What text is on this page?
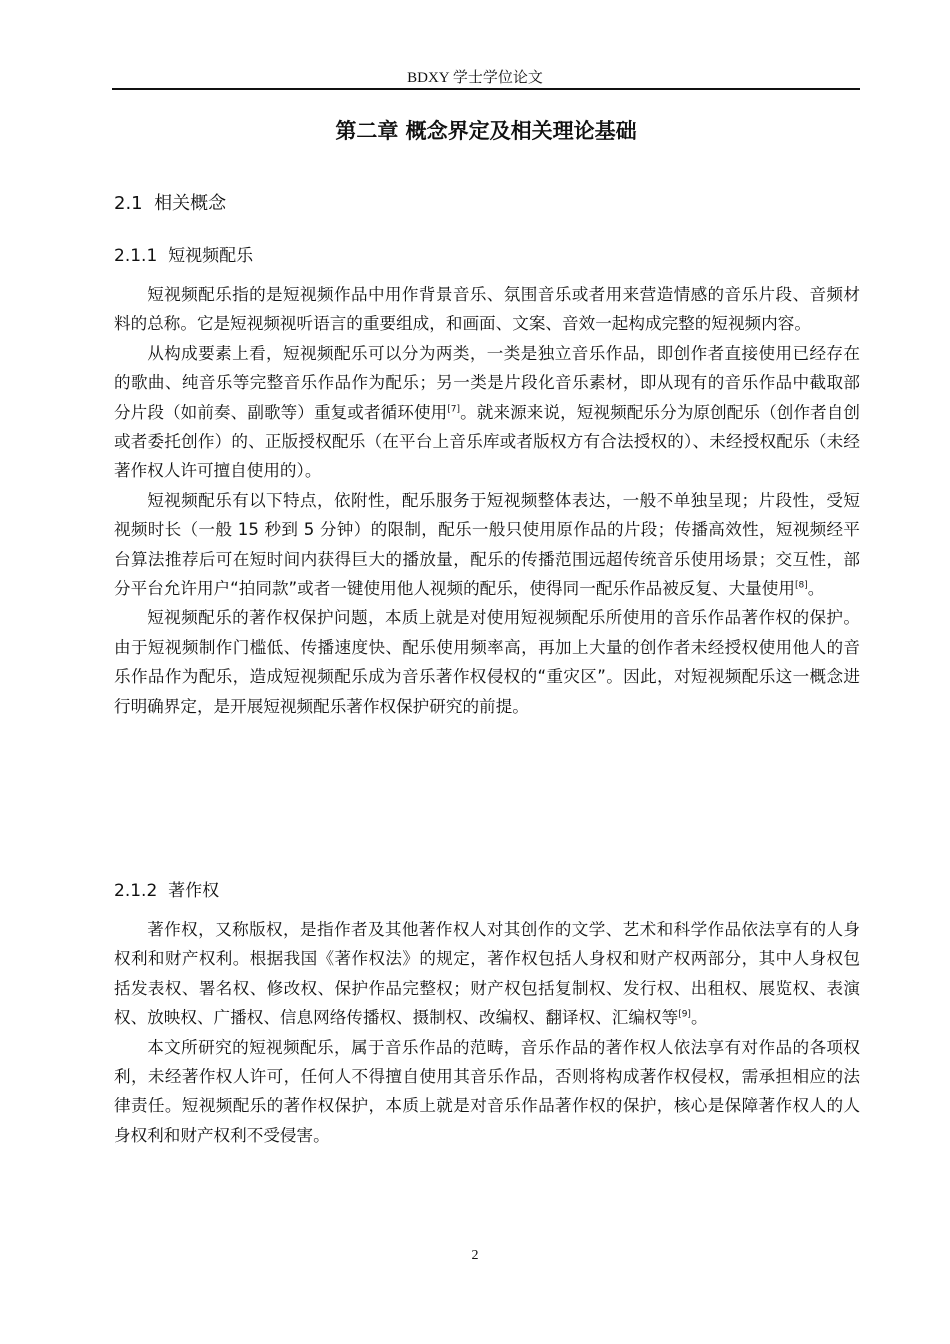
BDXY 学士学位论文
第二章 概念界定及相关理论基础
2.1 相关概念
2.1.1 短视频配乐

短视频配乐指的是短视频作品中用作背景音乐、氛围音乐或者用来营造情感的音乐片段、音频材料的总称。它是短视频视听语言的重要组成，和画面、文案、音效一起构成完整的短视频内容。

从构成要素上看，短视频配乐可以分为两类，一类是独立音乐作品，即创作者直接使用已经存在的歌曲、纯音乐等完整音乐作品作为配乐；另一类是片段化音乐素材，即从现有的音乐作品中截取部分片段（如前奏、副歌等）重复或者循环使用[7]。就来源来说，短视频配乐分为原创配乐（创作者自创或者委托创作）的、正版授权配乐（在平台上音乐库或者版权方有合法授权的）、未经授权配乐（未经著作权人许可擅自使用的）。

短视频配乐有以下特点，依附性，配乐服务于短视频整体表达，一般不单独呈现；片段性，受短视频时长（一般 15 秒到 5 分钟）的限制，配乐一般只使用原作品的片段；传播高效性，短视频经平台算法推荐后可在短时间内获得巨大的播放量，配乐的传播范围远超传统音乐使用场景；交互性，部分平台允许用户“拍同款”或者一键使用他人视频的配乐，使得同一配乐作品被反复、大量使用[8]。

短视频配乐的著作权保护问题，本质上就是对使用短视频配乐所使用的音乐作品著作权的保护。由于短视频制作门槛低、传播速度快、配乐使用频率高，再加上大量的创作者未经授权使用他人的音乐作品作为配乐，造成短视频配乐成为音乐著作权侵权的“重灾区”。因此，对短视频配乐这一概念进行明确界定，是开展短视频配乐著作权保护研究的前提。

2.1.2 著作权

著作权，又称版权，是指作者及其他著作权人对其创作的文学、艺术和科学作品依法享有的人身权利和财产权利。根据我国《著作权法》的规定，著作权包括人身权和财产权两部分，其中人身权包括发表权、署名权、修改权、保护作品完整权；财产权包括复制权、发行权、出租权、展览权、表演权、放映权、广播权、信息网络传播权、摄制权、改编权、翻译权、汇编权等[9]。

本文所研究的短视频配乐，属于音乐作品的范畴，音乐作品的著作权人依法享有对作品的各项权利，未经著作权人许可，任何人不得擅自使用其音乐作品，否则将构成著作权侵权，需承担相应的法律责任。短视频配乐的著作权保护，本质上就是对音乐作品著作权的保护，核心是保障著作权人的人身权利和财产权利不受侵害。

2
